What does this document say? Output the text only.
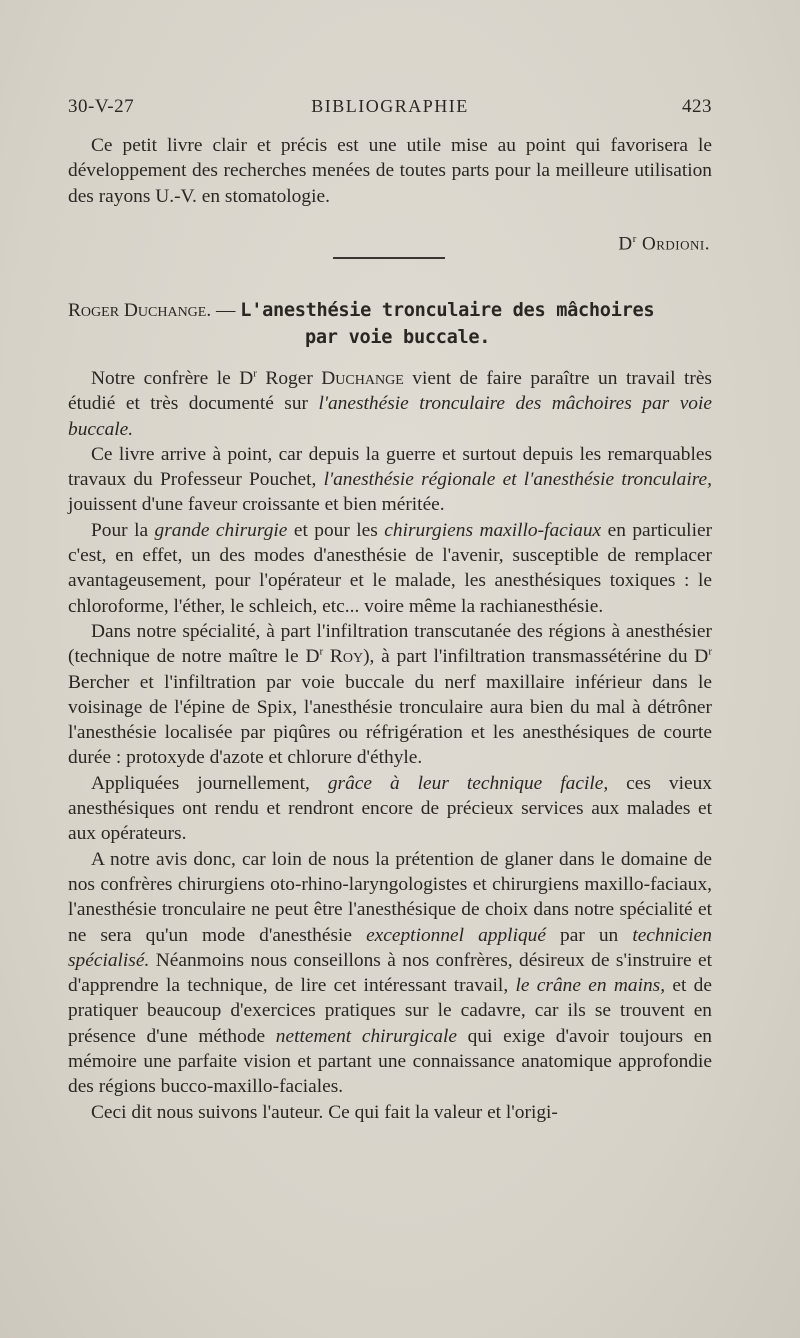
30-V-27	BIBLIOGRAPHIE	423

Ce petit livre clair et précis est une utile mise au point qui favorisera le développement des recherches menées de toutes parts pour la meilleure utilisation des rayons U.-V. en stomatologie.

$D^r$ Ordioni.
Roger Duchange. — L'anesthésie tronculaire des mâchoires
par voie buccale.

Notre confrère le $D^r$ Roger Duchange vient de faire paraître un travail très étudié et très documenté sur l'anesthésie tronculaire des mâchoires par voie buccale.

Ce livre arrive à point, car depuis la guerre et surtout depuis les remarquables travaux du Professeur Pouchet, l'anesthésie régionale et l'anesthésie tronculaire, jouissent d'une faveur croissante et bien méritée.

Pour la grande chirurgie et pour les chirurgiens maxillo-faciaux en particulier c'est, en effet, un des modes d'anesthésie de l'avenir, susceptible de remplacer avantageusement, pour l'opérateur et le malade, les anesthésiques toxiques : le chloroforme, l'éther, le schleich, etc... voire même la rachianesthésie.

Dans notre spécialité, à part l'infiltration transcutanée des régions à anesthésier (technique de notre maître le $D^r$ Roy), à part l'infiltration transmassétérine du $D^r$ Bercher et l'infiltration par voie buccale du nerf maxillaire inférieur dans le voisinage de l'épine de Spix, l'anesthésie tronculaire aura bien du mal à détrôner l'anesthésie localisée par piqûres ou réfrigération et les anesthésiques de courte durée : protoxyde d'azote et chlorure d'éthyle.

Appliquées journellement, grâce à leur technique facile, ces vieux anesthésiques ont rendu et rendront encore de précieux services aux malades et aux opérateurs.

A notre avis donc, car loin de nous la prétention de glaner dans le domaine de nos confrères chirurgiens oto-rhino-laryngologistes et chirurgiens maxillo-faciaux, l'anesthésie tronculaire ne peut être l'anesthésique de choix dans notre spécialité et ne sera qu'un mode d'anesthésie exceptionnel appliqué par un technicien spécialisé. Néanmoins nous conseillons à nos confrères, désireux de s'instruire et d'apprendre la technique, de lire cet intéressant travail, le crâne en mains, et de pratiquer beaucoup d'exercices pratiques sur le cadavre, car ils se trouvent en présence d'une méthode nettement chirurgicale qui exige d'avoir toujours en mémoire une parfaite vision et partant une connaissance anatomique approfondie des régions bucco-maxillo-faciales.

Ceci dit nous suivons l'auteur. Ce qui fait la valeur et l'origi-
